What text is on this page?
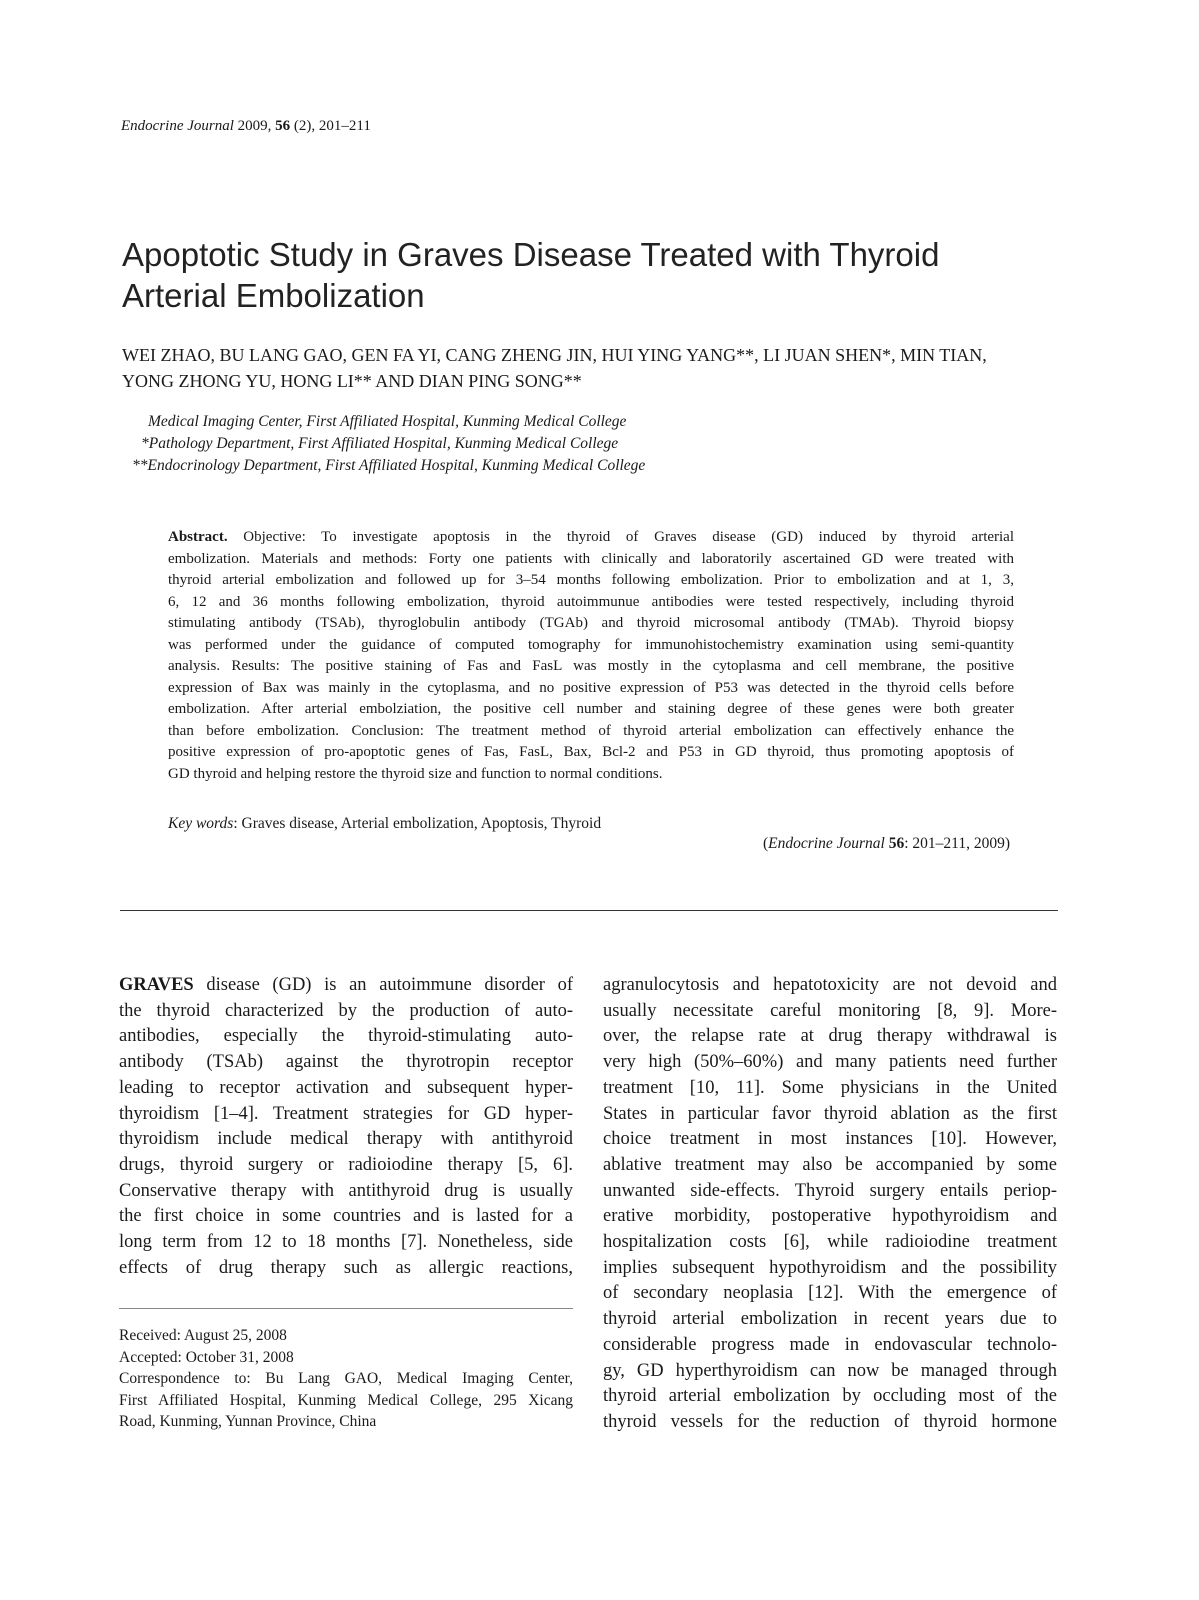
Endocrine Journal 2009, 56 (2), 201–211
Apoptotic Study in Graves Disease Treated with Thyroid
Arterial Embolization
WEI ZHAO, BU LANG GAO, GEN FA YI, CANG ZHENG JIN, HUI YING YANG**, LI JUAN SHEN*, MIN TIAN,
YONG ZHONG YU, HONG LI** AND DIAN PING SONG**
Medical Imaging Center, First Affiliated Hospital, Kunming Medical College
*Pathology Department, First Affiliated Hospital, Kunming Medical College
**Endocrinology Department, First Affiliated Hospital, Kunming Medical College
Abstract. Objective: To investigate apoptosis in the thyroid of Graves disease (GD) induced by thyroid arterial
embolization. Materials and methods: Forty one patients with clinically and laboratorily ascertained GD were treated with
thyroid arterial embolization and followed up for 3–54 months following embolization. Prior to embolization and at 1, 3,
6, 12 and 36 months following embolization, thyroid autoimmunue antibodies were tested respectively, including thyroid
stimulating antibody (TSAb), thyroglobulin antibody (TGAb) and thyroid microsomal antibody (TMAb). Thyroid biopsy
was performed under the guidance of computed tomography for immunohistochemistry examination using semi-quantity
analysis. Results: The positive staining of Fas and FasL was mostly in the cytoplasma and cell membrane, the positive
expression of Bax was mainly in the cytoplasma, and no positive expression of P53 was detected in the thyroid cells before
embolization. After arterial embolziation, the positive cell number and staining degree of these genes were both greater
than before embolization. Conclusion: The treatment method of thyroid arterial embolization can effectively enhance the
positive expression of pro-apoptotic genes of Fas, FasL, Bax, Bcl-2 and P53 in GD thyroid, thus promoting apoptosis of
GD thyroid and helping restore the thyroid size and function to normal conditions.
Key words: Graves disease, Arterial embolization, Apoptosis, Thyroid
(Endocrine Journal 56: 201–211, 2009)
GRAVES disease (GD) is an autoimmune disorder of
the thyroid characterized by the production of auto-
antibodies, especially the thyroid-stimulating auto-
antibody (TSAb) against the thyrotropin receptor
leading to receptor activation and subsequent hyper-
thyroidism [1–4]. Treatment strategies for GD hyper-
thyroidism include medical therapy with antithyroid
drugs, thyroid surgery or radioiodine therapy [5, 6].
Conservative therapy with antithyroid drug is usually
the first choice in some countries and is lasted for a
long term from 12 to 18 months [7]. Nonetheless, side
effects of drug therapy such as allergic reactions,
Received: August 25, 2008
Accepted: October 31, 2008
Correspondence to: Bu Lang GAO, Medical Imaging Center,
First Affiliated Hospital, Kunming Medical College, 295 Xicang
Road, Kunming, Yunnan Province, China
agranulocytosis and hepatotoxicity are not devoid and
usually necessitate careful monitoring [8, 9]. More-
over, the relapse rate at drug therapy withdrawal is
very high (50%–60%) and many patients need further
treatment [10, 11]. Some physicians in the United
States in particular favor thyroid ablation as the first
choice treatment in most instances [10]. However,
ablative treatment may also be accompanied by some
unwanted side-effects. Thyroid surgery entails periop-
erative morbidity, postoperative hypothyroidism and
hospitalization costs [6], while radioiodine treatment
implies subsequent hypothyroidism and the possibility
of secondary neoplasia [12]. With the emergence of
thyroid arterial embolization in recent years due to
considerable progress made in endovascular technolo-
gy, GD hyperthyroidism can now be managed through
thyroid arterial embolization by occluding most of the
thyroid vessels for the reduction of thyroid hormone
